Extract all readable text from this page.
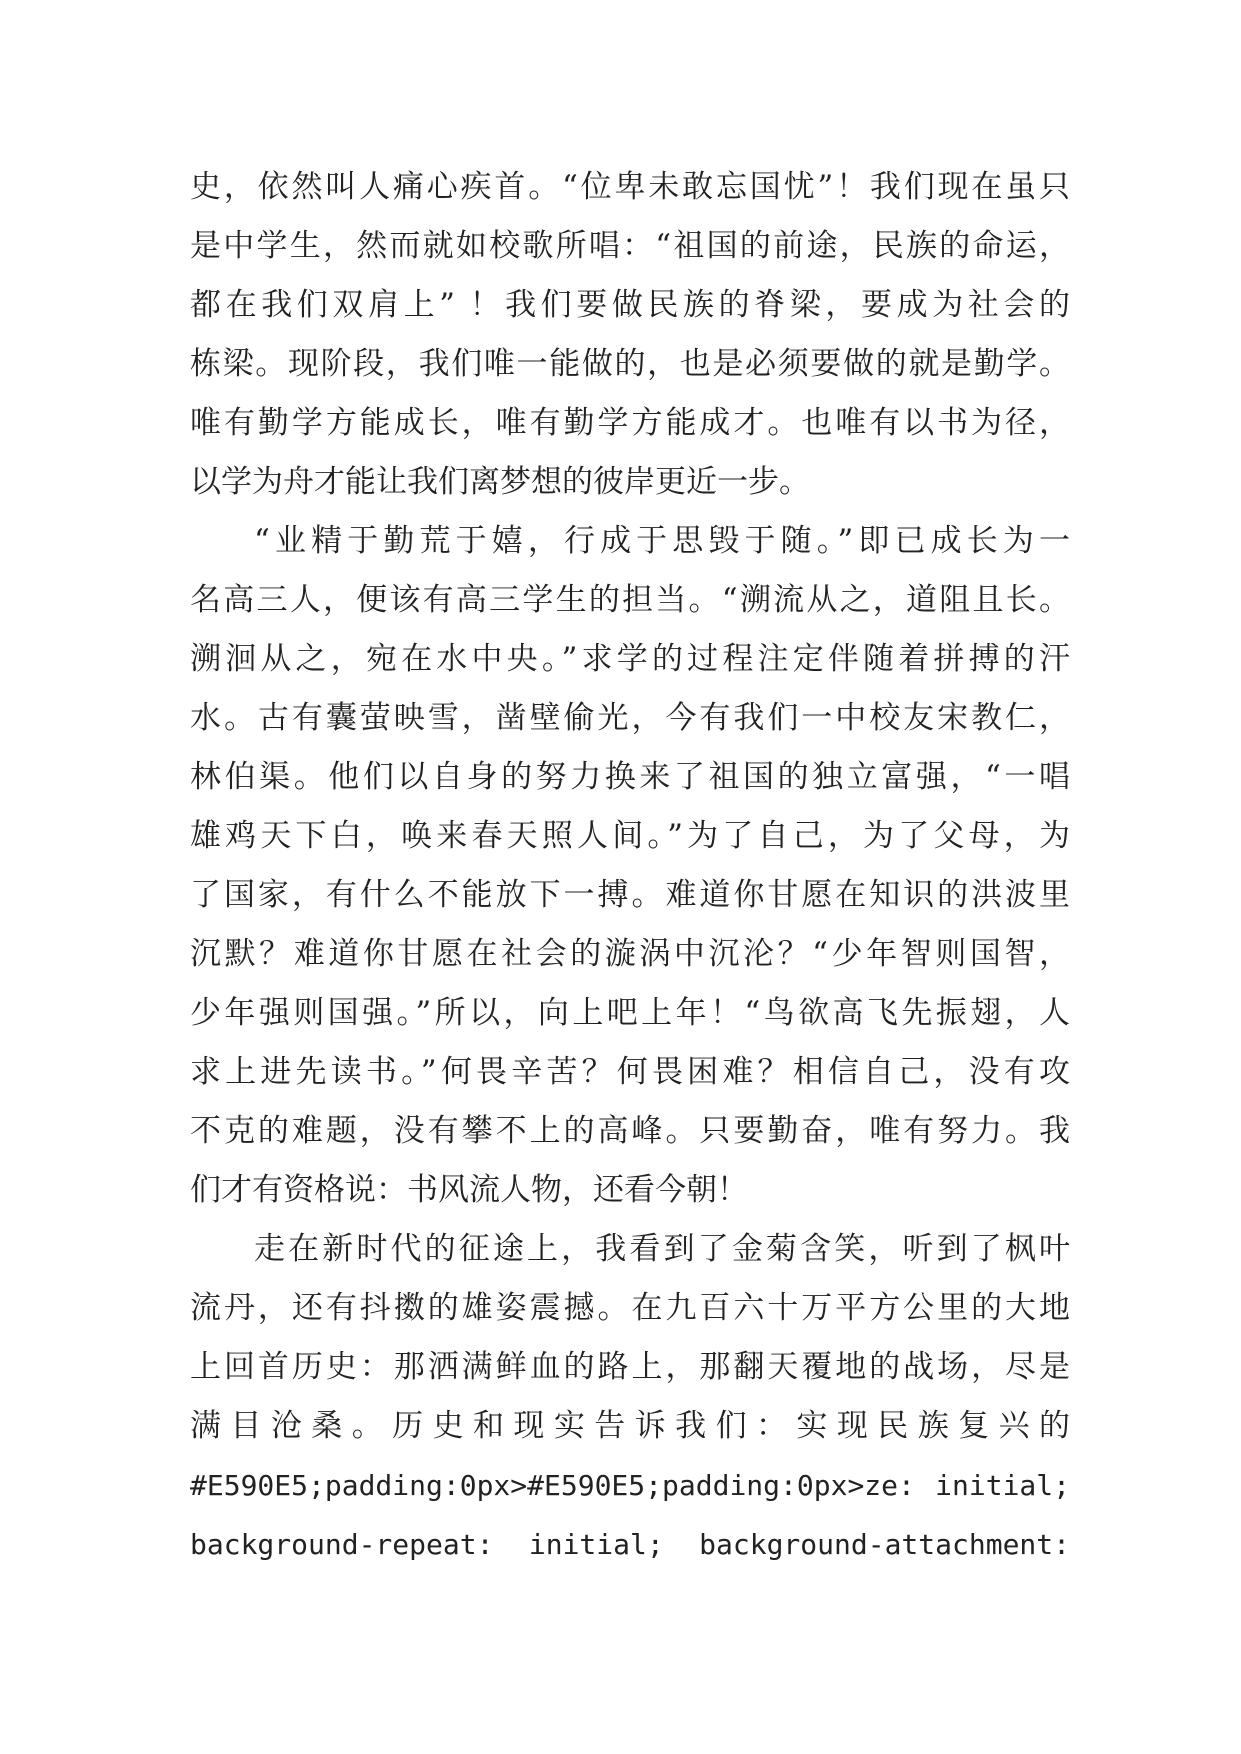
史，依然叫人痛心疾首。“位卑未敢忘国忧”！我们现在虽只
是中学生，然而就如校歌所唱：“祖国的前途，民族的命运，
都在我们双肩上” ！我们要做民族的脊梁，要成为社会的
栋梁。现阶段，我们唯一能做的，也是必须要做的就是勤学。
唯有勤学方能成长，唯有勤学方能成才。也唯有以书为径，
以学为舟才能让我们离梦想的彼岸更近一步。
“业精于勤荒于嬉，行成于思毁于随。”即已成长为一
名高三人，便该有高三学生的担当。“溯流从之，道阻且长。
溯洄从之，宛在水中央。”求学的过程注定伴随着拼搏的汗
水。古有囊萤映雪，凿壁偷光，今有我们一中校友宋教仁，
林伯渠。他们以自身的努力换来了祖国的独立富强，“一唱
雄鸡天下白，唤来春天照人间。”为了自己，为了父母，为
了国家，有什么不能放下一搏。难道你甘愿在知识的洪波里
沉默？难道你甘愿在社会的漩涡中沉沦？“少年智则国智，
少年强则国强。”所以，向上吧上年！“鸟欲高飞先振翅，人
求上进先读书。”何畏辛苦？何畏困难？相信自己，没有攻
不克的难题，没有攀不上的高峰。只要勤奋，唯有努力。我
们才有资格说：书风流人物，还看今朝！
走在新时代的征途上，我看到了金菊含笑，听到了枫叶
流丹，还有抖擞的雄姿震撼。在九百六十万平方公里的大地
上回首历史：那洒满鲜血的路上，那翻天覆地的战场，尽是
满目沧桑。历史和现实告诉我们：实现民族复兴的
#E590E5;padding:0px>#E590E5;padding:0px>ze: initial;
background-repeat: initial; background-attachment:
